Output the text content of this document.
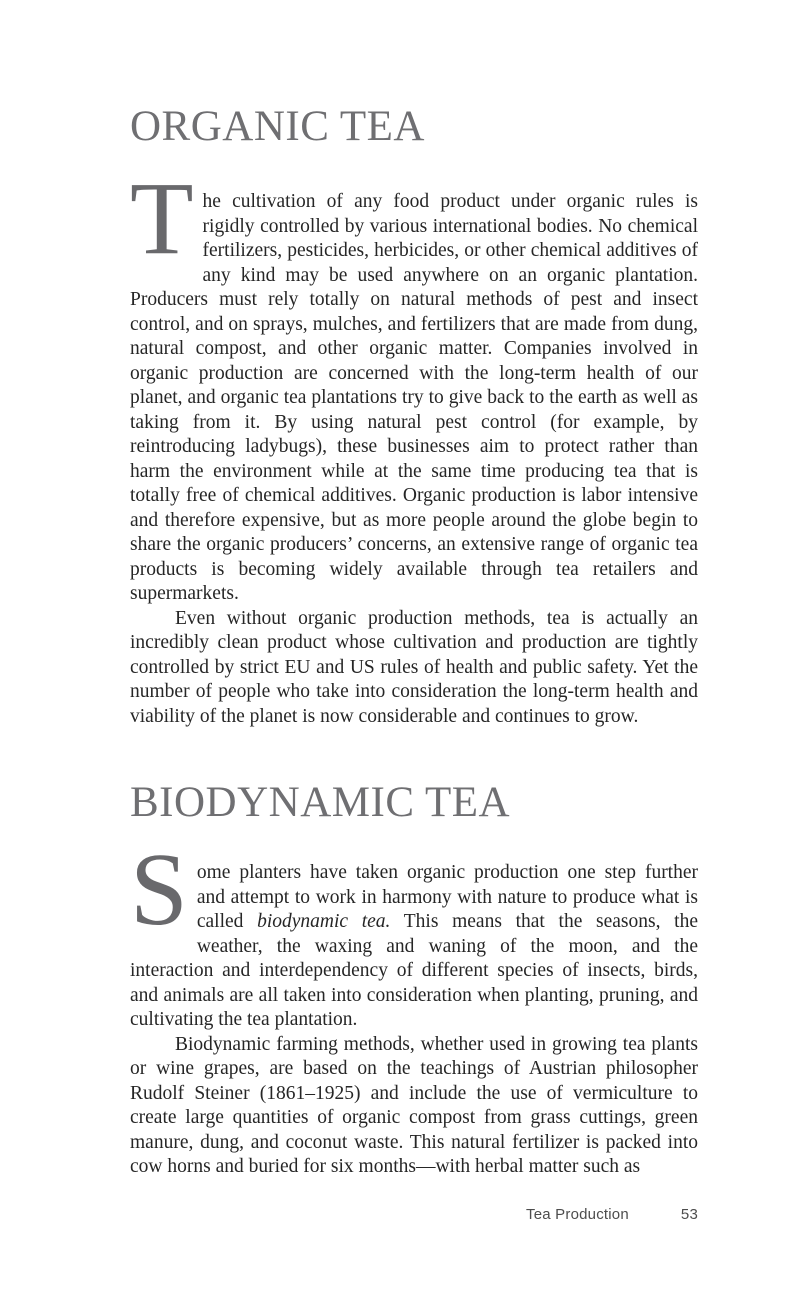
ORGANIC TEA

The cultivation of any food product under organic rules is rigidly controlled by various international bodies. No chemical fertilizers, pesticides, herbicides, or other chemical additives of any kind may be used anywhere on an organic plantation. Producers must rely totally on natural methods of pest and insect control, and on sprays, mulches, and fertilizers that are made from dung, natural compost, and other organic matter. Companies involved in organic production are concerned with the long-term health of our planet, and organic tea plantations try to give back to the earth as well as taking from it. By using natural pest control (for example, by reintroducing ladybugs), these businesses aim to protect rather than harm the environment while at the same time producing tea that is totally free of chemical additives. Organic production is labor intensive and therefore expensive, but as more people around the globe begin to share the organic producers’ concerns, an extensive range of organic tea products is becoming widely available through tea retailers and supermarkets.

Even without organic production methods, tea is actually an incredibly clean product whose cultivation and production are tightly controlled by strict EU and US rules of health and public safety. Yet the number of people who take into consideration the long-term health and viability of the planet is now considerable and continues to grow.

BIODYNAMIC TEA

Some planters have taken organic production one step further and attempt to work in harmony with nature to produce what is called biodynamic tea. This means that the seasons, the weather, the waxing and waning of the moon, and the interaction and interdependency of different species of insects, birds, and animals are all taken into consideration when planting, pruning, and cultivating the tea plantation.

Biodynamic farming methods, whether used in growing tea plants or wine grapes, are based on the teachings of Austrian philosopher Rudolf Steiner (1861–1925) and include the use of vermiculture to create large quantities of organic compost from grass cuttings, green manure, dung, and coconut waste. This natural fertilizer is packed into cow horns and buried for six months—with herbal matter such as

Tea Production	53
